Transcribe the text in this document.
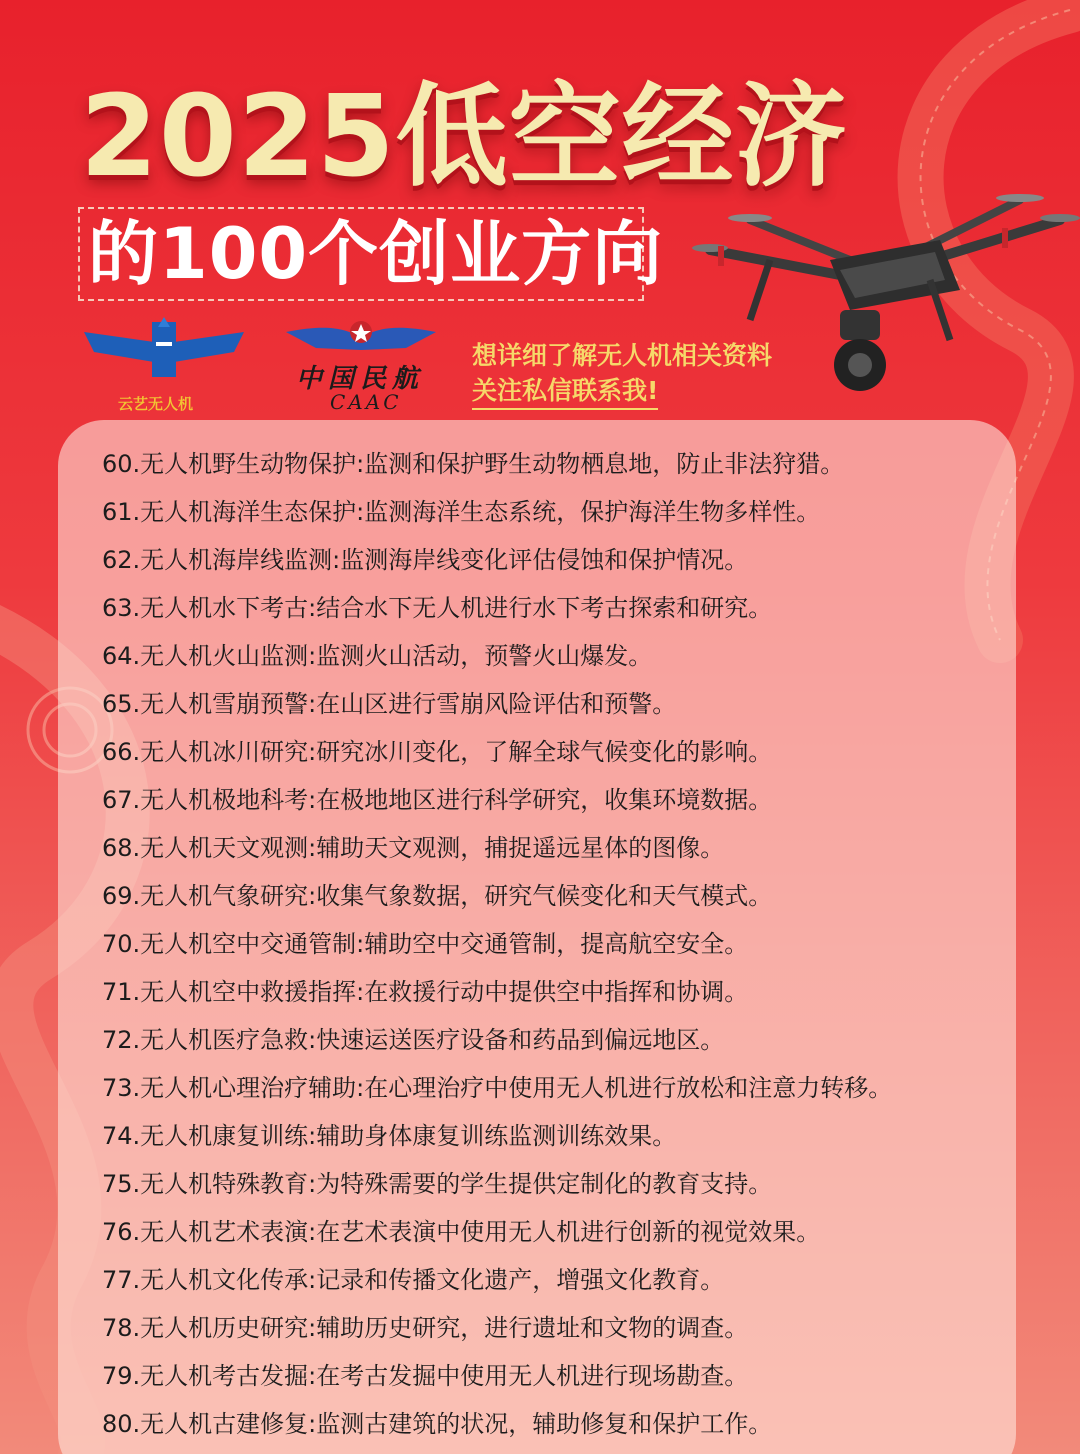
2025低空经济
的100个创业方向

云艺无人机

中国民航

CAAC

想详细了解无人机相关资料
关注私信联系我!

60.无人机野生动物保护:监测和保护野生动物栖息地，防止非法狩猎。
61.无人机海洋生态保护:监测海洋生态系统，保护海洋生物多样性。
62.无人机海岸线监测:监测海岸线变化评估侵蚀和保护情况。
63.无人机水下考古:结合水下无人机进行水下考古探索和研究。
64.无人机火山监测:监测火山活动，预警火山爆发。
65.无人机雪崩预警:在山区进行雪崩风险评估和预警。
66.无人机冰川研究:研究冰川变化，了解全球气候变化的影响。
67.无人机极地科考:在极地地区进行科学研究，收集环境数据。
68.无人机天文观测:辅助天文观测，捕捉遥远星体的图像。
69.无人机气象研究:收集气象数据，研究气候变化和天气模式。
70.无人机空中交通管制:辅助空中交通管制，提高航空安全。
71.无人机空中救援指挥:在救援行动中提供空中指挥和协调。
72.无人机医疗急救:快速运送医疗设备和药品到偏远地区。
73.无人机心理治疗辅助:在心理治疗中使用无人机进行放松和注意力转移。
74.无人机康复训练:辅助身体康复训练监测训练效果。
75.无人机特殊教育:为特殊需要的学生提供定制化的教育支持。
76.无人机艺术表演:在艺术表演中使用无人机进行创新的视觉效果。
77.无人机文化传承:记录和传播文化遗产，增强文化教育。
78.无人机历史研究:辅助历史研究，进行遗址和文物的调查。
79.无人机考古发掘:在考古发掘中使用无人机进行现场勘查。
80.无人机古建修复:监测古建筑的状况，辅助修复和保护工作。
